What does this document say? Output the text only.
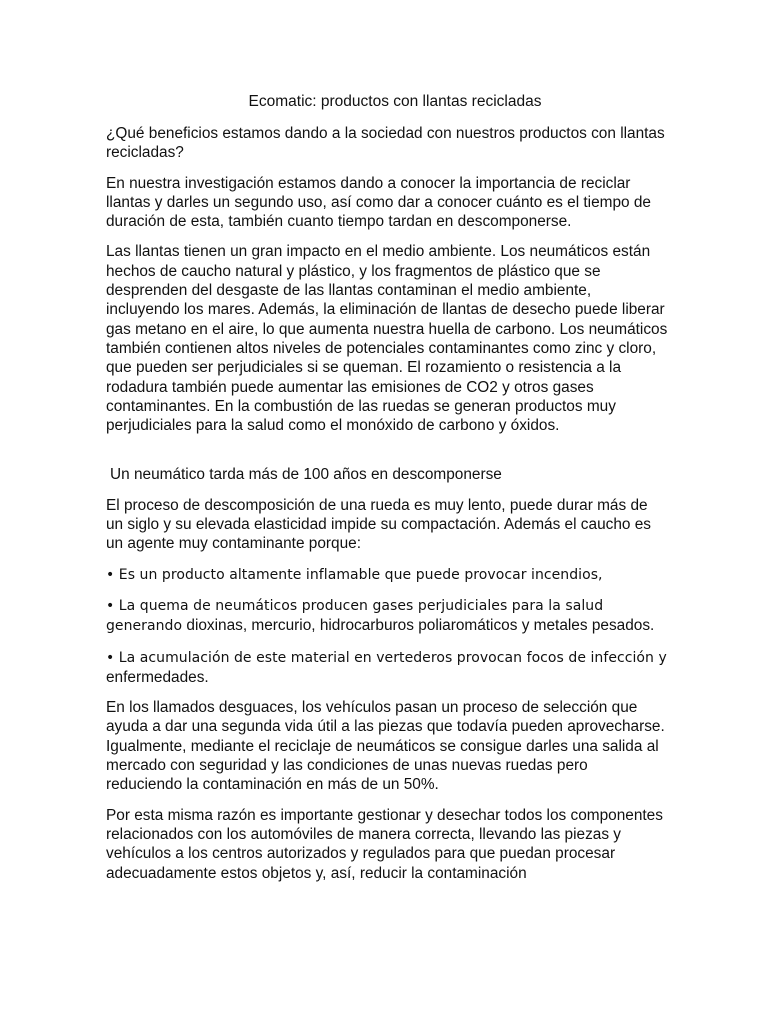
Ecomatic: productos con llantas recicladas

¿Qué beneficios estamos dando a la sociedad con nuestros productos con llantas recicladas?

En nuestra investigación estamos dando a conocer la importancia de reciclar llantas y darles un segundo uso, así como dar a conocer cuánto es el tiempo de duración de esta, también cuanto tiempo tardan en descomponerse.

Las llantas tienen un gran impacto en el medio ambiente. Los neumáticos están hechos de caucho natural y plástico, y los fragmentos de plástico que se desprenden del desgaste de las llantas contaminan el medio ambiente, incluyendo los mares. Además, la eliminación de llantas de desecho puede liberar gas metano en el aire, lo que aumenta nuestra huella de carbono. Los neumáticos también contienen altos niveles de potenciales contaminantes como zinc y cloro, que pueden ser perjudiciales si se queman. El rozamiento o resistencia a la rodadura también puede aumentar las emisiones de CO2 y otros gases contaminantes. En la combustión de las ruedas se generan productos muy perjudiciales para la salud como el monóxido de carbono y óxidos.

Un neumático tarda más de 100 años en descomponerse

El proceso de descomposición de una rueda es muy lento, puede durar más de un siglo y su elevada elasticidad impide su compactación. Además el caucho es un agente muy contaminante porque:

• Es un producto altamente inflamable que puede provocar incendios,

• La quema de neumáticos producen gases perjudiciales para la salud generando dioxinas, mercurio, hidrocarburos poliaromáticos y metales pesados.

• La acumulación de este material en vertederos provocan focos de infección y enfermedades.

En los llamados desguaces, los vehículos pasan un proceso de selección que ayuda a dar una segunda vida útil a las piezas que todavía pueden aprovecharse. Igualmente, mediante el reciclaje de neumáticos se consigue darles una salida al mercado con seguridad y las condiciones de unas nuevas ruedas pero reduciendo la contaminación en más de un 50%.

Por esta misma razón es importante gestionar y desechar todos los componentes relacionados con los automóviles de manera correcta, llevando las piezas y vehículos a los centros autorizados y regulados para que puedan procesar adecuadamente estos objetos y, así, reducir la contaminación
